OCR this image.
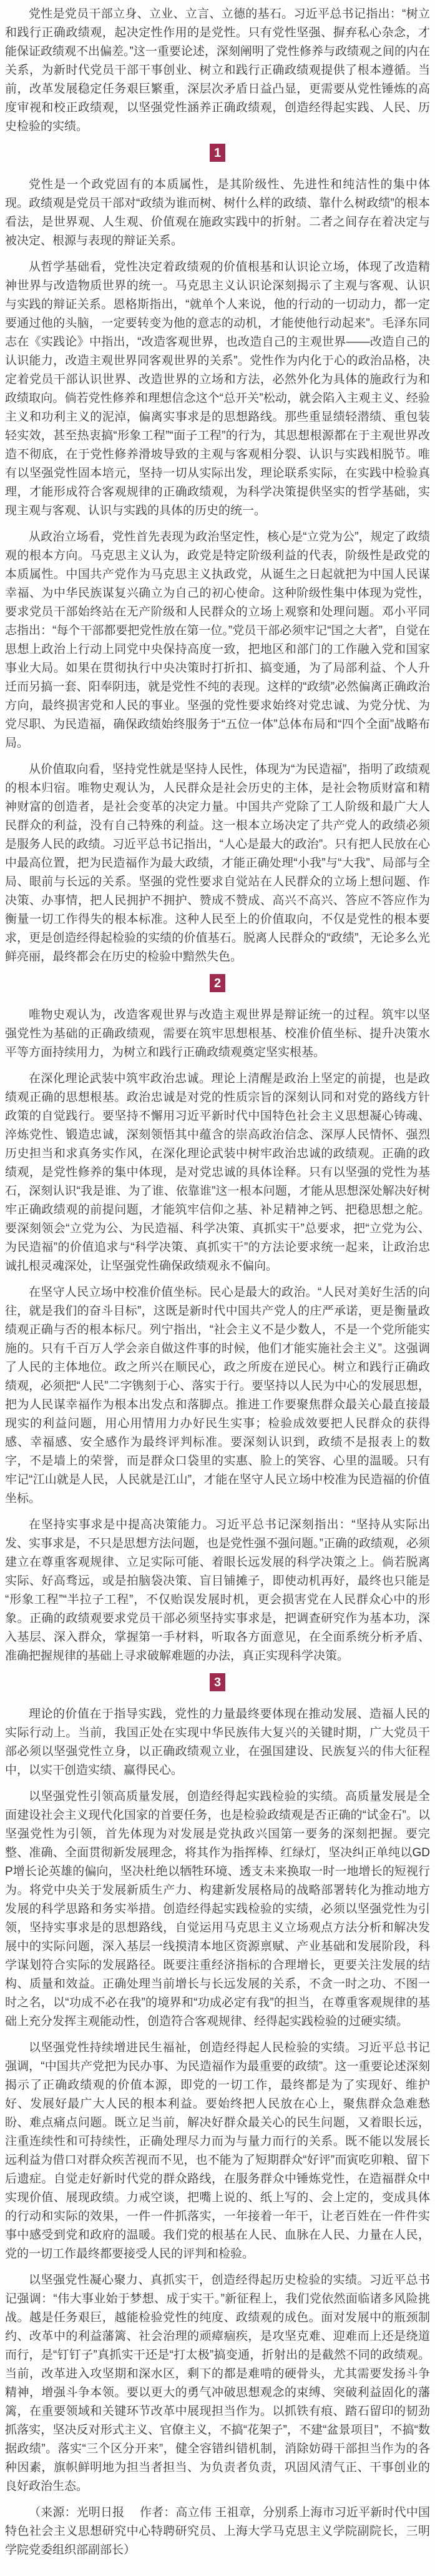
党性是党员干部立身、立业、立言、立德的基石。习近平总书记指出：“树立和践行正确政绩观，起决定性作用的是党性。只有党性坚强、摒弃私心杂念，才能保证政绩观不出偏差。”这一重要论述，深刻阐明了党性修养与政绩观之间的内在关系，为新时代党员干部干事创业、树立和践行正确政绩观提供了根本遵循。当前，改革发展稳定任务艰巨繁重，深层次矛盾日益凸显，更需要从党性锤炼的高度审视和校正政绩观，以坚强党性涵养正确政绩观，创造经得起实践、人民、历史检验的实绩。

1

党性是一个政党固有的本质属性，是其阶级性、先进性和纯洁性的集中体现。政绩观是党员干部对“政绩为谁而树、树什么样的政绩、靠什么树政绩”的根本看法，是世界观、人生观、价值观在施政实践中的折射。二者之间存在着决定与被决定、根源与表现的辩证关系。

从哲学基础看，党性决定着政绩观的价值根基和认识论立场，体现了改造精神世界与改造物质世界的统一。马克思主义认识论深刻揭示了主观与客观、认识与实践的辩证关系。恩格斯指出，“就单个人来说，他的行动的一切动力，都一定要通过他的头脑，一定要转变为他的意志的动机，才能使他行动起来”。毛泽东同志在《实践论》中指出，“改造客观世界，也改造自己的主观世界——改造自己的认识能力，改造主观世界同客观世界的关系”。党性作为内化于心的政治品格，决定着党员干部认识世界、改造世界的立场和方法，必然外化为具体的施政行为和政绩取向。倘若党性修养和理想信念这个“总开关”松动，就会陷入主观主义、经验主义和功利主义的泥淖，偏离实事求是的思想路线。那些重显绩轻潜绩、重包装轻实效，甚至热衷搞“形象工程”“面子工程”的行为，其思想根源都在于主观世界改造不彻底，在于党性修养滑坡导致的主观与客观相分裂、认识与实践相脱节。唯有以坚强党性固本培元，坚持一切从实际出发，理论联系实际，在实践中检验真理，才能形成符合客观规律的正确政绩观，为科学决策提供坚实的哲学基础，实现主观与客观、认识与实践的具体的历史的统一。

从政治立场看，党性首先表现为政治坚定性，核心是“立党为公”，规定了政绩观的根本方向。马克思主义认为，政党是特定阶级利益的代表，阶级性是政党的本质属性。中国共产党作为马克思主义执政党，从诞生之日起就把为中国人民谋幸福、为中华民族谋复兴确立为自己的初心使命。这种阶级性集中体现为党性，要求党员干部始终站在无产阶级和人民群众的立场上观察和处理问题。邓小平同志指出：“每个干部都要把党性放在第一位。”党员干部必须牢记“国之大者”，自觉在思想上政治上行动上同党中央保持高度一致，把地区和部门的工作融入党和国家事业大局。如果在贯彻执行中央决策时打折扣、搞变通，为了局部利益、个人升迁而另搞一套、阳奉阴违，就是党性不纯的表现。这样的“政绩”必然偏离正确政治方向，最终损害党和人民的事业。坚强的党性要求始终对党忠诚、为党分忧、为党尽职、为民造福，确保政绩始终服务于“五位一体”总体布局和“四个全面”战略布局。

从价值取向看，坚持党性就是坚持人民性，体现为“为民造福”，指明了政绩观的根本归宿。唯物史观认为，人民群众是社会历史的主体，是社会物质财富和精神财富的创造者，是社会变革的决定力量。中国共产党除了工人阶级和最广大人民群众的利益，没有自己特殊的利益。这一根本立场决定了共产党人的政绩必须是服务人民的政绩。习近平总书记指出，“人心是最大的政治”。只有把人民放在心中最高位置，把为民造福作为最大政绩，才能正确处理“小我”与“大我”、局部与全局、眼前与长远的关系。坚强的党性要求自觉站在人民群众的立场上想问题、作决策、办事情，把人民拥护不拥护、赞成不赞成、高兴不高兴、答应不答应作为衡量一切工作得失的根本标准。这种人民至上的价值取向，不仅是党性的根本要求，更是创造经得起检验的实绩的价值基石。脱离人民群众的“政绩”，无论多么光鲜亮丽，最终都会在历史的检验中黯然失色。

2

唯物史观认为，改造客观世界与改造主观世界是辩证统一的过程。筑牢以坚强党性为基础的正确政绩观，需要在筑牢思想根基、校准价值坐标、提升决策水平等方面持续用力，为树立和践行正确政绩观奠定坚实根基。

在深化理论武装中筑牢政治忠诚。理论上清醒是政治上坚定的前提，也是政绩观正确的思想根基。政治忠诚是对党的性质宗旨的深刻认同和对党的路线方针政策的自觉践行。要坚持不懈用习近平新时代中国特色社会主义思想凝心铸魂、淬炼党性、锻造忠诚，深刻领悟其中蕴含的崇高政治信念、深厚人民情怀、强烈历史担当和求真务实作风，在深化理论武装中树牢政治忠诚的政绩观。正确的政绩观，是党性修养的集中体现，是对党忠诚的具体诠释。只有以坚强的党性为基石，深刻认识“我是谁、为了谁、依靠谁”这一根本问题，才能从思想深处解决好树牢正确政绩观的前提问题，才能筑牢信仰之基、补足精神之钙、把稳思想之舵。要深刻领会“立党为公、为民造福、科学决策、真抓实干”总要求，把“立党为公、为民造福”的价值追求与“科学决策、真抓实干”的方法论要求统一起来，让政治忠诚扎根灵魂深处，让坚强党性确保政绩观永不偏向。

在坚守人民立场中校准价值坐标。民心是最大的政治。“人民对美好生活的向往，就是我们的奋斗目标”，这既是新时代中国共产党人的庄严承诺，更是衡量政绩观正确与否的根本标尺。列宁指出，“社会主义不是少数人，不是一个党所能实施的。只有千百万人学会亲自做这件事的时候，他们才能实施社会主义”。这强调了人民的主体地位。政之所兴在顺民心，政之所废在逆民心。树立和践行正确政绩观，必须把“人民”二字镌刻于心、落实于行。要坚持以人民为中心的发展思想，把为人民谋幸福作为根本出发点和落脚点。推进工作要聚焦群众最关心最直接最现实的利益问题，用心用情用力办好民生实事；检验成效要把人民群众的获得感、幸福感、安全感作为最终评判标准。要深刻认识到，政绩不是报表上的数字，不是墙上的荣誉，而是群众口袋里的实惠、脸上的笑容、心里的温暖。只有牢记“江山就是人民，人民就是江山”，才能在坚守人民立场中校准为民造福的价值坐标。

在坚持实事求是中提高决策能力。习近平总书记深刻指出：“坚持从实际出发、实事求是，不只是思想方法问题，也是党性强不强问题。”正确的政绩观，必须建立在尊重客观规律、立足实际可能、着眼长远发展的科学决策之上。倘若脱离实际、好高骛远，或是拍脑袋决策、盲目铺摊子，即使动机再好，最终也只能是“形象工程”“半拉子工程”，不仅贻误发展时机，更会损害党在人民群众心中的形象。正确的政绩观要求党员干部必须坚持实事求是，把调查研究作为基本功，深入基层、深入群众，掌握第一手材料，听取各方面意见，在全面系统分析矛盾、准确把握规律的基础上寻求破解难题的办法，真正实现科学决策。

3

理论的价值在于指导实践，党性的力量最终要体现在推动发展、造福人民的实际行动上。当前，我国正处在实现中华民族伟大复兴的关键时期，广大党员干部必须以坚强党性立身，以正确政绩观立业，在强国建设、民族复兴的伟大征程中，以实干创造实绩、赢得民心。

以坚强党性引领高质量发展，创造经得起实践检验的实绩。高质量发展是全面建设社会主义现代化国家的首要任务，也是检验政绩观是否正确的“试金石”。以坚强党性为引领，首先体现为对发展是党执政兴国第一要务的深刻把握。要完整、准确、全面贯彻新发展理念，将其作为指挥棒、红绿灯，坚决纠正单纯以GDP增长论英雄的偏向，坚决杜绝以牺牲环境、透支未来换取一时一地增长的短视行为。将党中央关于发展新质生产力、构建新发展格局的战略部署转化为推动地方发展的科学思路和务实举措。创造经得起实践检验的实绩，必须以坚强党性为引领，坚持实事求是的思想路线，自觉运用马克思主义立场观点方法分析和解决发展中的实际问题，深入基层一线摸清本地区资源禀赋、产业基础和发展阶段，科学谋划符合实际的发展路径。既要注重经济指标的合理增长，更要关注发展的结构、质量和效益。正确处理当前增长与长远发展的关系，不贪一时之功、不图一时之名，以“功成不必在我”的境界和“功成必定有我”的担当，在尊重客观规律的基础上充分发挥主观能动性，创造符合客观规律、经得起实践检验的过硬实绩。

以坚强党性持续增进民生福祉，创造经得起人民检验的实绩。习近平总书记强调，“中国共产党把为民办事、为民造福作为最重要的政绩”。这一重要论述深刻揭示了正确政绩观的价值本源，即党的一切工作，最终都是为了实现好、维护好、发展好最广大人民的根本利益。要始终把人民放在心上，聚焦群众急难愁盼、难点痛点问题。既立足当前，解决好群众最关心的民生问题，又着眼长远，注重连续性和可持续性，正确处理尽力而为与量力而行的关系。既不能以发展长远利益为借口对群众疾苦视而不见，也不能为了短期群众“好评”而寅吃卯粮、留下后遗症。自觉走好新时代党的群众路线，在服务群众中锤炼党性，在造福群众中实现价值、展现政绩。力戒空谈，把嘴上说的、纸上写的、会上定的，变成具体的行动和实际的效果，一件一件抓落实，一年接着一年干，让老百姓在一件件实事中感受到党和政府的温暖。我们党的根基在人民、血脉在人民、力量在人民，党的一切工作最终都要接受人民的评判和检验。

以坚强党性凝心聚力、真抓实干，创造经得起历史检验的实绩。习近平总书记强调：“伟大事业始于梦想、成于实干。”新征程上，我们党依然面临诸多风险挑战。越是任务艰巨，越能检验党性的纯度、政绩观的成色。面对发展中的瓶颈制约、改革中的利益藩篱、社会治理的顽瘴痼疾，是攻坚克难、迎难而上还是绕道而行，是“钉钉子”真抓实干还是“打太极”搞变通，折射出的是截然不同的政绩观。当前，改革进入攻坚期和深水区，剩下的都是难啃的硬骨头，尤其需要发扬斗争精神，增强斗争本领。要以更大的勇气冲破思想观念的束缚、突破利益固化的藩篱，在重要领域和关键环节改革中展现担当作为。以抓铁有痕、踏石留印的韧劲抓落实，坚决反对形式主义、官僚主义，不搞“花架子”，不建“盆景项目”，不搞“数据政绩”。落实“三个区分开来”，健全容错纠错机制，消除妨碍干部担当作为的各种因素，旗帜鲜明地为担当者担当、为负责者负责，巩固风清气正、干事创业的良好政治生态。

（来源：光明日报　 作者：高立伟 王祖章，分别系上海市习近平新时代中国特色社会主义思想研究中心特聘研究员、上海大学马克思主义学院副院长，三明学院党委组织部副部长）
